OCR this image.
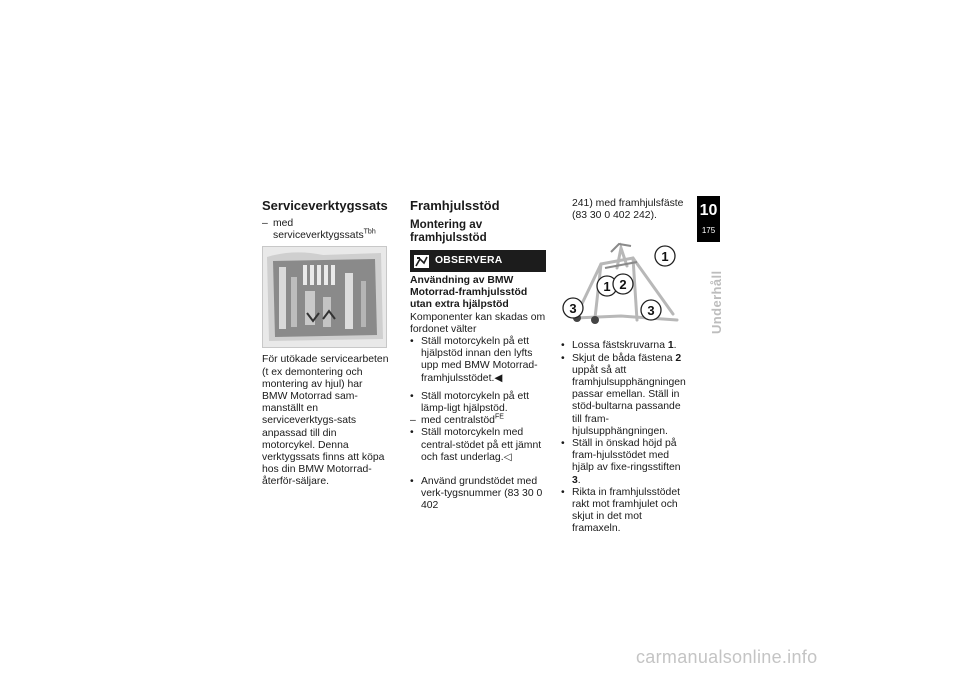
Serviceverktygssats

– med serviceverktygssats$^{Tbh}$

För utökade servicearbeten (t ex demontering och montering av hjul) har BMW Motorrad sam-manställt en serviceverktygs-sats anpassad till din motorcykel. Denna verktygssats finns att köpa hos din BMW Motorrad-återför-säljare.

Framhjulsstöd
Montering av framhjulsstöd
OBSERVERA

Användning av BMW Motorrad-framhjulsstöd utan extra hjälpstöd

Komponenter kan skadas om fordonet välter

• Ställ motorcykeln på ett hjälpstöd innan den lyfts upp med BMW Motorrad-framhjulsstödet.◀

• Ställ motorcykeln på ett lämp-ligt hjälpstöd.

– med centralstöd$^{FE}$

• Ställ motorcykeln med central-stödet på ett jämnt och fast underlag.◁

• Använd grundstödet med verk-tygsnummer (83 30 0 402

241) med framhjulsfäste (83 30 0 402 242).

1
1 2
3	3

• Lossa fästskruvarna 1.

• Skjut de båda fästena 2 uppåt så att framhjulsupphängningen passar emellan. Ställ in stöd-bultarna passande till fram-hjulsupphängningen.

• Ställ in önskad höjd på fram-hjulsstödet med hjälp av fixe-ringsstiften 3.

• Rikta in framhjulsstödet rakt mot framhjulet och skjut in det mot framaxeln.

10
175
Underhåll
carmanualsonline.info
